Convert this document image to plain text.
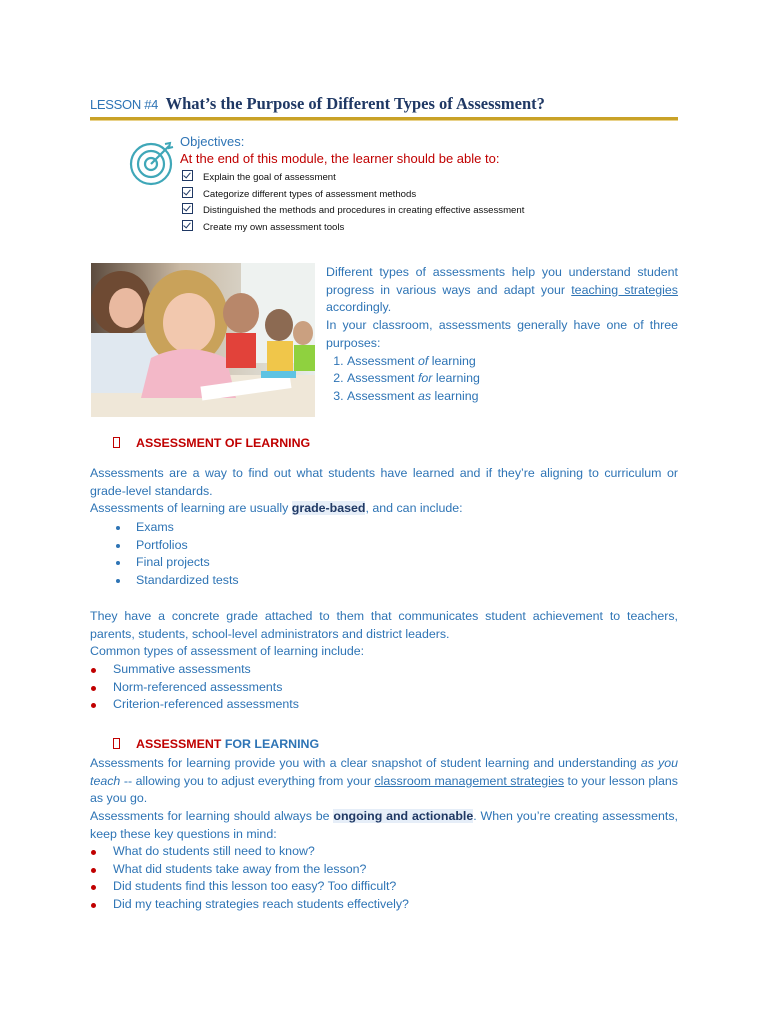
LESSON #4 What’s the Purpose of Different Types of Assessment?
Objectives:
At the end of this module, the learner should be able to:
Explain the goal of assessment
Categorize different types of assessment methods
Distinguished the methods and procedures in creating effective assessment
Create my own assessment tools

Different types of assessments help you understand student progress in various ways and adapt your teaching strategies accordingly.

In your classroom, assessments generally have one of three purposes:

1. Assessment of learning
2. Assessment for learning
3. Assessment as learning
ASSESSMENT OF LEARNING

Assessments are a way to find out what students have learned and if they’re aligning to curriculum or grade-level standards.

Assessments of learning are usually grade-based, and can include:

Exams
Portfolios
Final projects
Standardized tests

They have a concrete grade attached to them that communicates student achievement to teachers, parents, students, school-level administrators and district leaders.

Common types of assessment of learning include:

Summative assessments
Norm-referenced assessments
Criterion-referenced assessments
ASSESSMENT FOR LEARNING

Assessments for learning provide you with a clear snapshot of student learning and understanding as you teach -- allowing you to adjust everything from your classroom management strategies to your lesson plans as you go.

Assessments for learning should always be ongoing and actionable. When you’re creating assessments, keep these key questions in mind:

What do students still need to know?
What did students take away from the lesson?
Did students find this lesson too easy? Too difficult?
Did my teaching strategies reach students effectively?
